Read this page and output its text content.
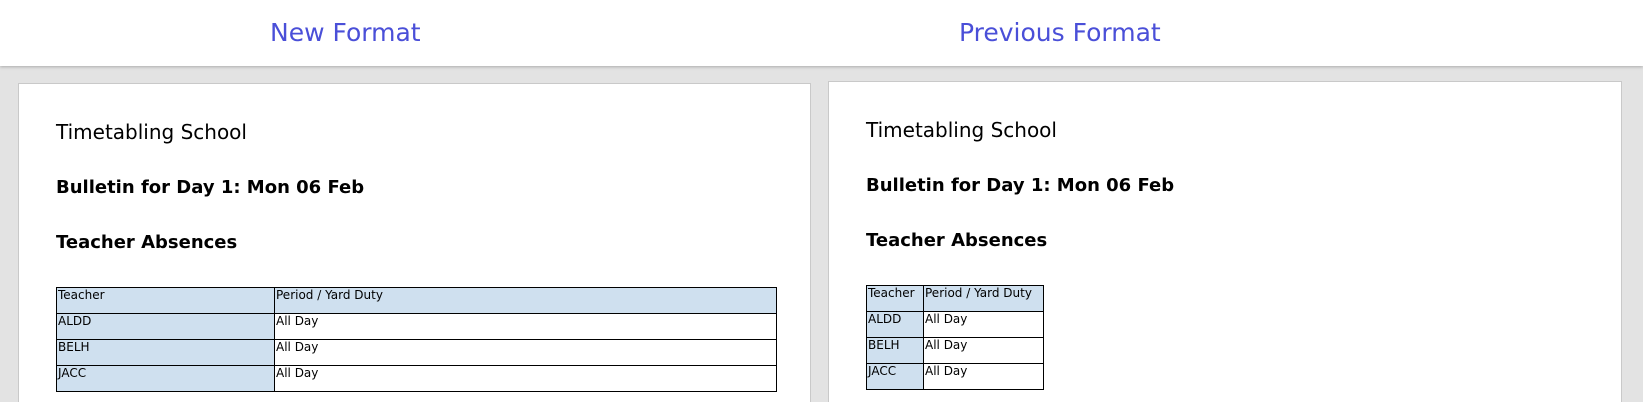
New Format	Previous Format
Timetabling School
Bulletin for Day 1: Mon 06 Feb
Teacher Absences
Teacher	Period / Yard Duty
ALDD	All Day
BELH	All Day
JACC	All Day
Timetabling School
Bulletin for Day 1: Mon 06 Feb
Teacher Absences
Teacher	Period / Yard Duty
ALDD	All Day
BELH	All Day
JACC	All Day
